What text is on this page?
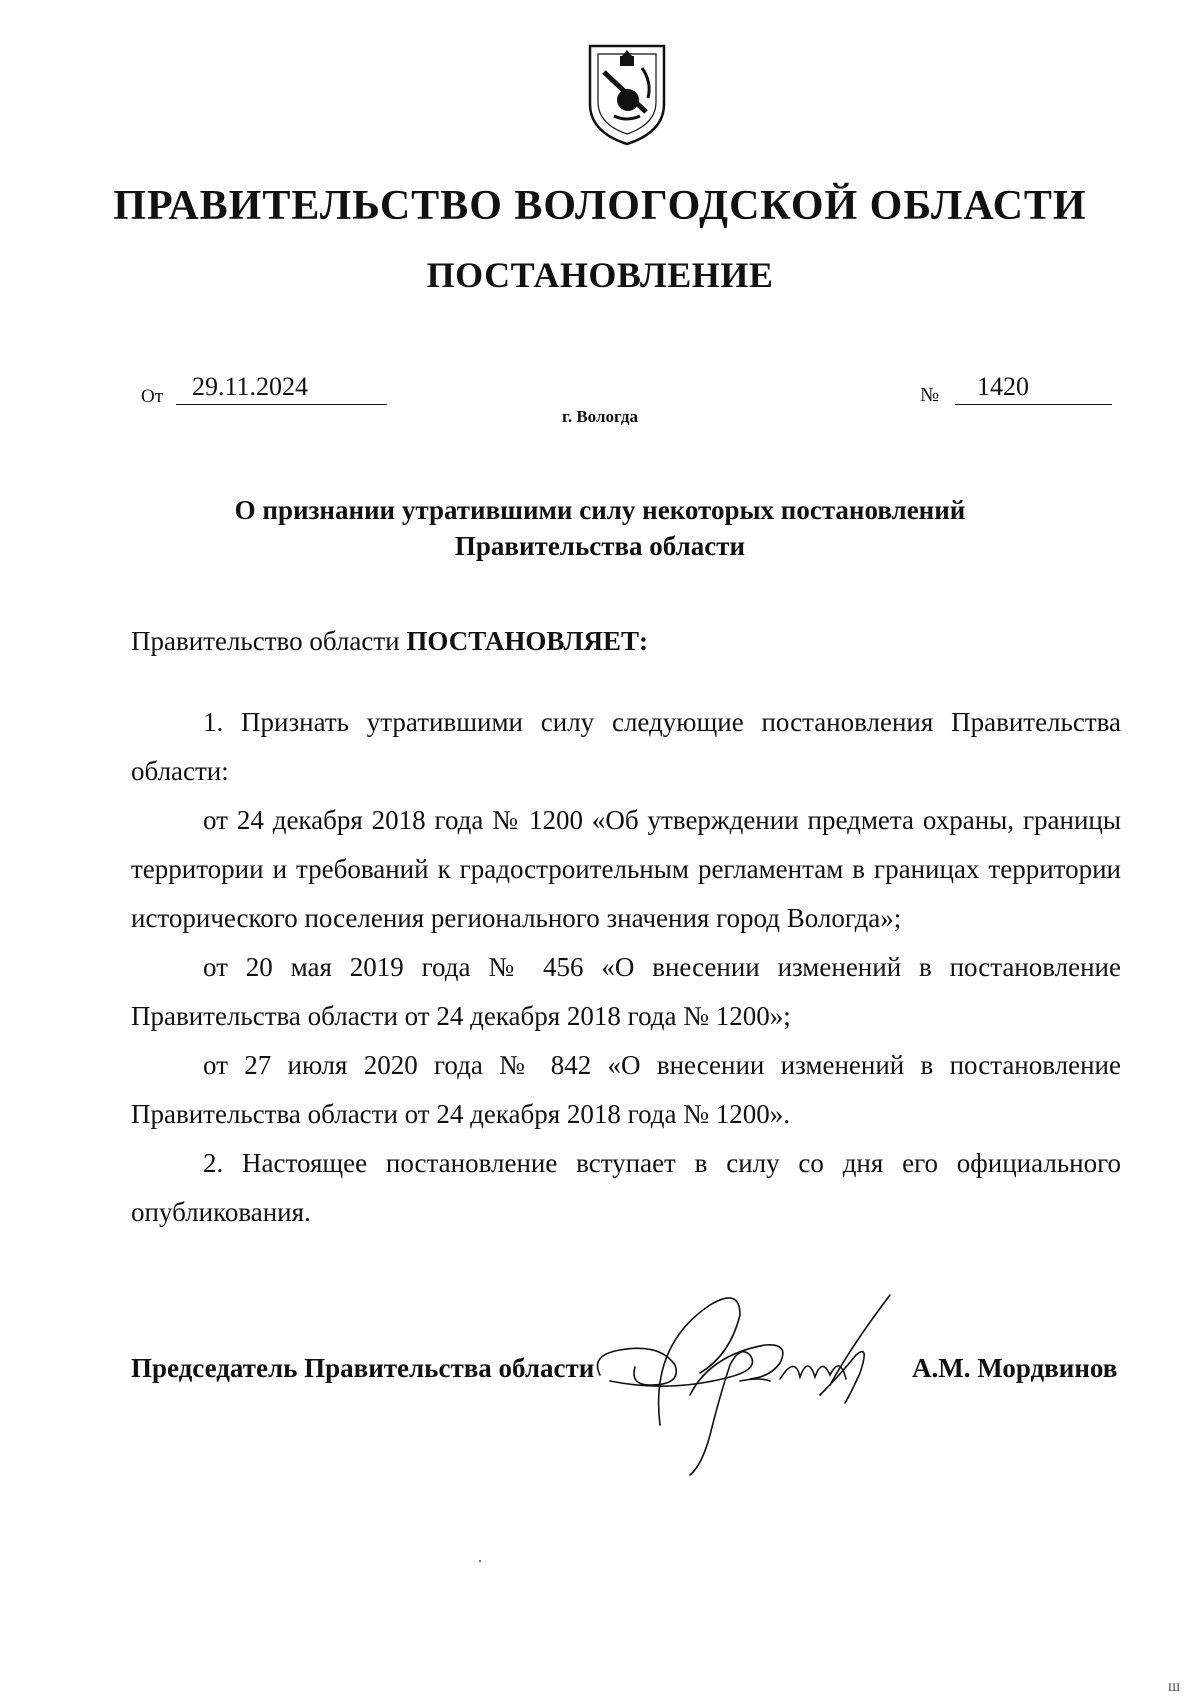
ПРАВИТЕЛЬСТВО ВОЛОГОДСКОЙ ОБЛАСТИ
ПОСТАНОВЛЕНИЕ
От	29.11.2024	№	1420
г. Вологда
О признании утратившими силу некоторых постановлений
Правительства области
Правительство области ПОСТАНОВЛЯЕТ:

1. Признать утратившими силу следующие постановления Правительства области:

от 24 декабря 2018 года № 1200 «Об утверждении предмета охраны, границы территории и требований к градостроительным регламентам в границах территории исторического поселения регионального значения город Вологда»;

от 20 мая 2019 года № 456 «О внесении изменений в постановление Правительства области от 24 декабря 2018 года № 1200»;

от 27 июля 2020 года № 842 «О внесении изменений в постановление Правительства области от 24 декабря 2018 года № 1200».

2. Настоящее постановление вступает в силу со дня его официального опубликования.

Председатель Правительства области	А.М. Мордвинов
Ш
